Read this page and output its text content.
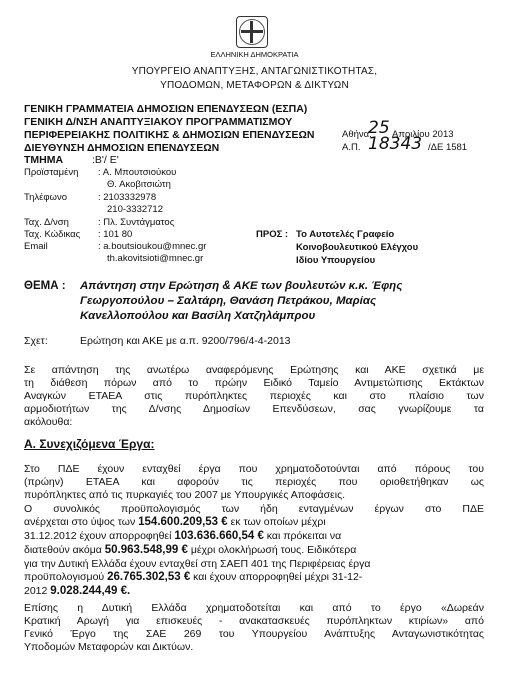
ΕΛΛΗΝΙΚΗ ΔΗΜΟΚΡΑΤΙΑ
ΥΠΟΥΡΓΕΙΟ ΑΝΑΠΤΥΞΗΣ, ΑΝΤΑΓΩΝΙΣΤΙΚΟΤΗΤΑΣ,
ΥΠΟΔΟΜΩΝ, ΜΕΤΑΦΟΡΩΝ & ΔΙΚΤΥΩΝ
ΓΕΝΙΚΗ ΓΡΑΜΜΑΤΕΙΑ ΔΗΜΟΣΙΩΝ ΕΠΕΝΔΥΣΕΩΝ (ΕΣΠΑ)
ΓΕΝΙΚΗ Δ/ΝΣΗ ΑΝΑΠΤΥΞΙΑΚΟΥ ΠΡΟΓΡΑΜΜΑΤΙΣΜΟΥ
ΠΕΡΙΦΕΡΕΙΑΚΗΣ ΠΟΛΙΤΙΚΗΣ & ΔΗΜΟΣΙΩΝ ΕΠΕΝΔΥΣΕΩΝ
ΔΙΕΥΘΥΝΣΗ ΔΗΜΟΣΙΩΝ ΕΠΕΝΔΥΣΕΩΝ
ΤΜΗΜΑ	:Β'/ Ε'
Αθήνα,
25 Απριλίου 2013
Α.Π. 18343 /ΔΕ 1581
Προϊσταμένη : Α. Μπουτσιούκου
Θ. Ακοβιτσιώτη
Τηλέφωνο	: 2103332978
210-3332712
Ταχ. Δ/νση	: Πλ. Συντάγματος
Ταχ. Κώδικας : 101 80
Email	: a.boutsioukou@mnec.gr
th.akovitsioti@mnec.gr
ΠΡΟΣ : Το Αυτοτελές Γραφείο
Κοινοβουλευτικού Ελέγχου
Ιδίου Υπουργείου
ΘΕΜΑ : Απάντηση στην Ερώτηση & ΑΚΕ των βουλευτών κ.κ. Έφης
Γεωργοπούλου – Σαλτάρη, Θανάση Πετράκου, Μαρίας
Κανελλοπούλου και Βασίλη Χατζηλάμπρου
Σχετ:	Ερώτηση και ΑΚΕ με α.π. 9200/796/4-4-2013
Σε απάντηση της ανωτέρω αναφερόμενης Ερώτησης και ΑΚΕ σχετικά με
τη διάθεση πόρων από το πρώην Ειδικό Ταμείο Αντιμετώπισης Εκτάκτων
Αναγκών ΕΤΑΕΑ στις πυρόπληκτες περιοχές και στο πλαίσιο των
αρμοδιοτήτων της Δ/νσης Δημοσίων Επενδύσεων, σας γνωρίζουμε τα
ακόλουθα:
Α. Συνεχιζόμενα Έργα:
Στο ΠΔΕ έχουν ενταχθεί έργα που χρηματοδοτούνται από πόρους του
(πρώην) ΕΤΑΕΑ και αφορούν τις περιοχές που οριοθετήθηκαν ως
πυρόπληκτες από τις πυρκαγιές του 2007 με Υπουργικές Αποφάσεις.
Ο συνολικός προϋπολογισμός των ήδη ενταγμένων έργων στο ΠΔΕ
ανέρχεται στο ύψος των 154.600.209,53 € εκ των οποίων μέχρι
31.12.2012 έχουν απορροφηθεί 103.636.660,54 € και πρόκειται να
διατεθούν ακόμα 50.963.548,99 € μέχρι ολοκλήρωσή τους. Ειδικότερα
για την Δυτική Ελλάδα έχουν ενταχθεί στη ΣΑΕΠ 401 της Περιφέρειας έργα
προϋπολογισμού 26.765.302,53 € και έχουν απορροφηθεί μέχρι 31-12-
2012 9.028.244,49 €.
Επίσης η Δυτική Ελλάδα χρηματοδοτείται και από το έργο «Δωρεάν
Κρατική Αρωγή για επισκευές - ανακατασκευές πυρόπληκτων κτιρίων» από
Γενικό Έργο της ΣΑΕ 269 του Υπουργείου Ανάπτυξης Ανταγωνιστικότητας
Υποδομών Μεταφορών και Δικτύων.
